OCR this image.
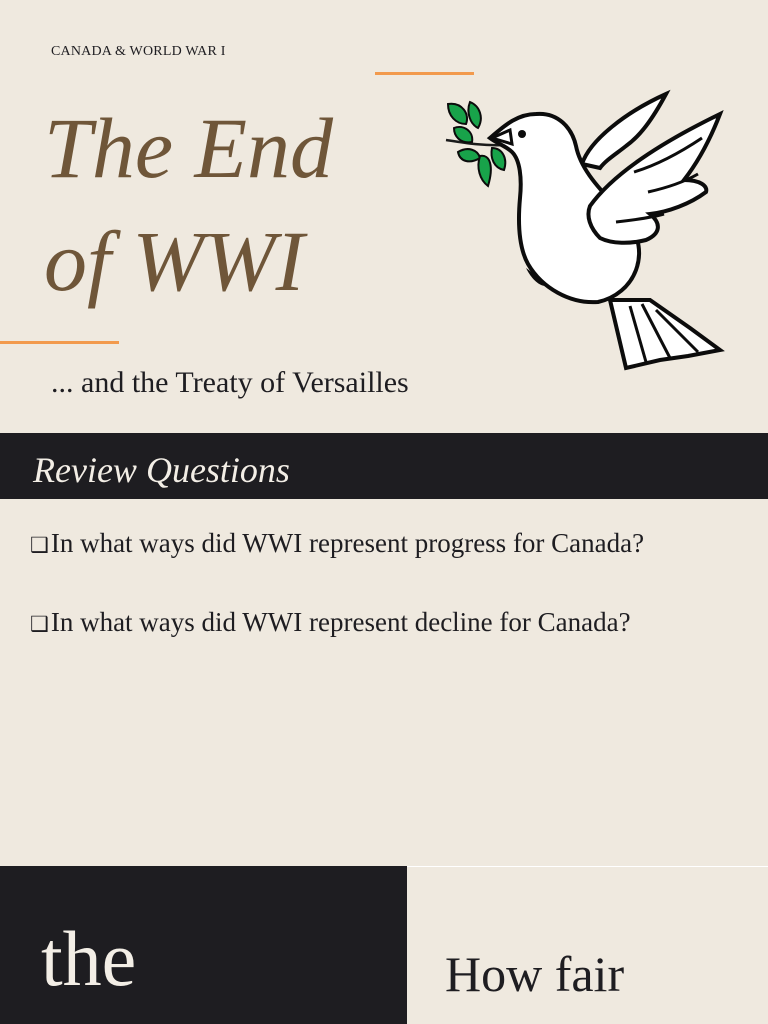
CANADA & WORLD WAR I
The End
of WWI
... and the Treaty of Versailles
Review Questions
❑In what ways did WWI represent progress for Canada?
❑In what ways did WWI represent decline for Canada?
the	How fair
